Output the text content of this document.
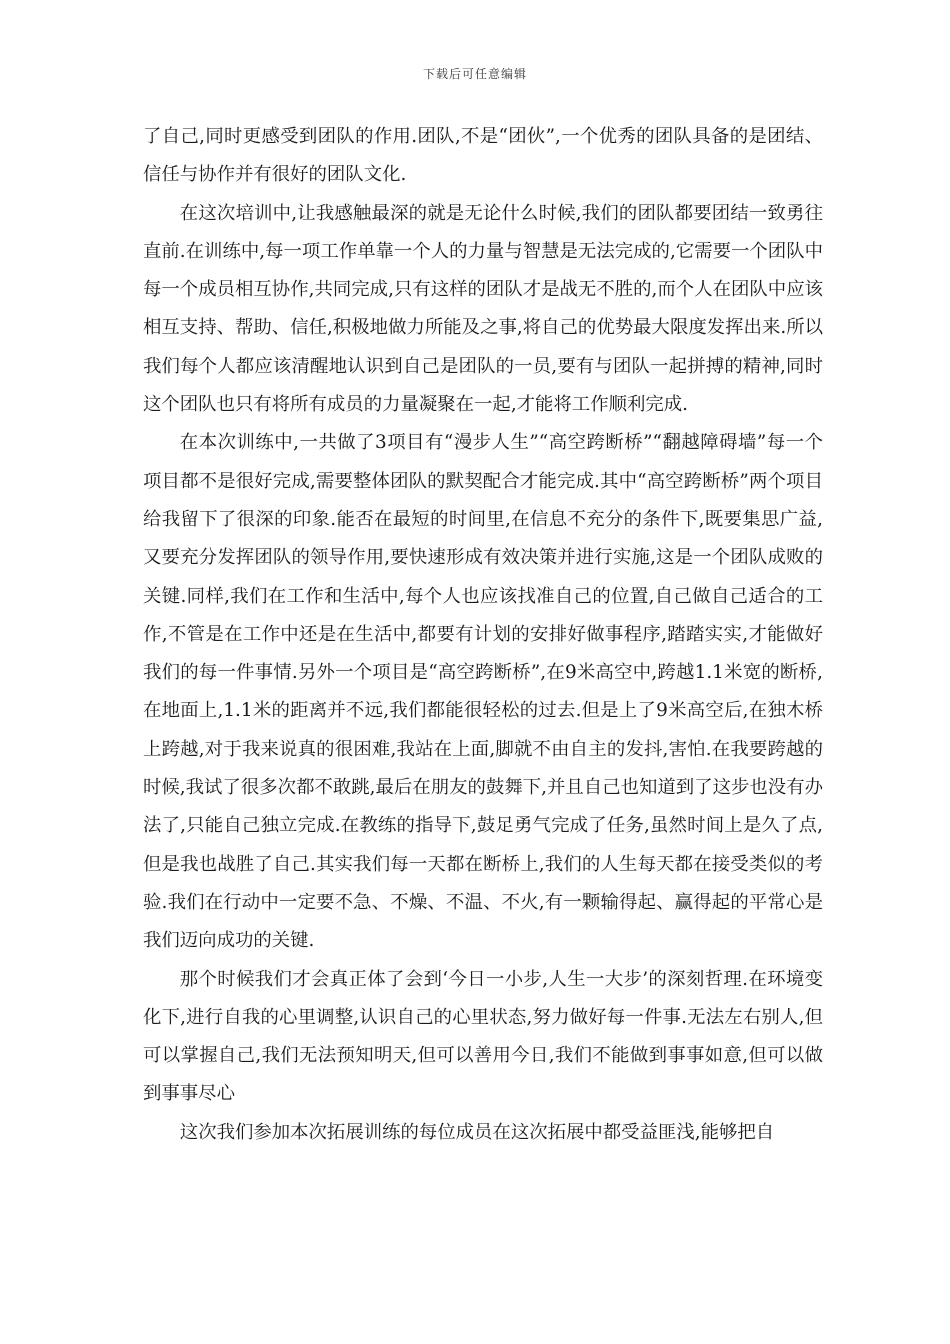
下载后可任意编辑

了自己,同时更感受到团队的作用.团队,不是“团伙”,一个优秀的团队具备的是团结、信任与协作并有很好的团队文化.

在这次培训中,让我感触最深的就是无论什么时候,我们的团队都要团结一致勇往直前.在训练中,每一项工作单靠一个人的力量与智慧是无法完成的,它需要一个团队中每一个成员相互协作,共同完成,只有这样的团队才是战无不胜的,而个人在团队中应该相互支持、帮助、信任,积极地做力所能及之事,将自己的优势最大限度发挥出来.所以我们每个人都应该清醒地认识到自己是团队的一员,要有与团队一起拼搏的精神,同时这个团队也只有将所有成员的力量凝聚在一起,才能将工作顺利完成.

在本次训练中,一共做了3项目有“漫步人生”“高空跨断桥”“翻越障碍墙”每一个项目都不是很好完成,需要整体团队的默契配合才能完成.其中“高空跨断桥”两个项目给我留下了很深的印象.能否在最短的时间里,在信息不充分的条件下,既要集思广益,又要充分发挥团队的领导作用,要快速形成有效决策并进行实施,这是一个团队成败的关键.同样,我们在工作和生活中,每个人也应该找准自己的位置,自己做自己适合的工作,不管是在工作中还是在生活中,都要有计划的安排好做事程序,踏踏实实,才能做好我们的每一件事情.另外一个项目是“高空跨断桥”,在9米高空中,跨越1.1米宽的断桥,在地面上,1.1米的距离并不远,我们都能很轻松的过去.但是上了9米高空后,在独木桥上跨越,对于我来说真的很困难,我站在上面,脚就不由自主的发抖,害怕.在我要跨越的时候,我试了很多次都不敢跳,最后在朋友的鼓舞下,并且自己也知道到了这步也没有办法了,只能自己独立完成.在教练的指导下,鼓足勇气完成了任务,虽然时间上是久了点,但是我也战胜了自己.其实我们每一天都在断桥上,我们的人生每天都在接受类似的考验.我们在行动中一定要不急、不燥、不温、不火,有一颗输得起、赢得起的平常心是我们迈向成功的关键.

那个时候我们才会真正体了会到‘今日一小步,人生一大步’的深刻哲理.在环境变化下,进行自我的心里调整,认识自己的心里状态,努力做好每一件事.无法左右别人,但可以掌握自己,我们无法预知明天,但可以善用今日,我们不能做到事事如意,但可以做到事事尽心

这次我们参加本次拓展训练的每位成员在这次拓展中都受益匪浅,能够把自
